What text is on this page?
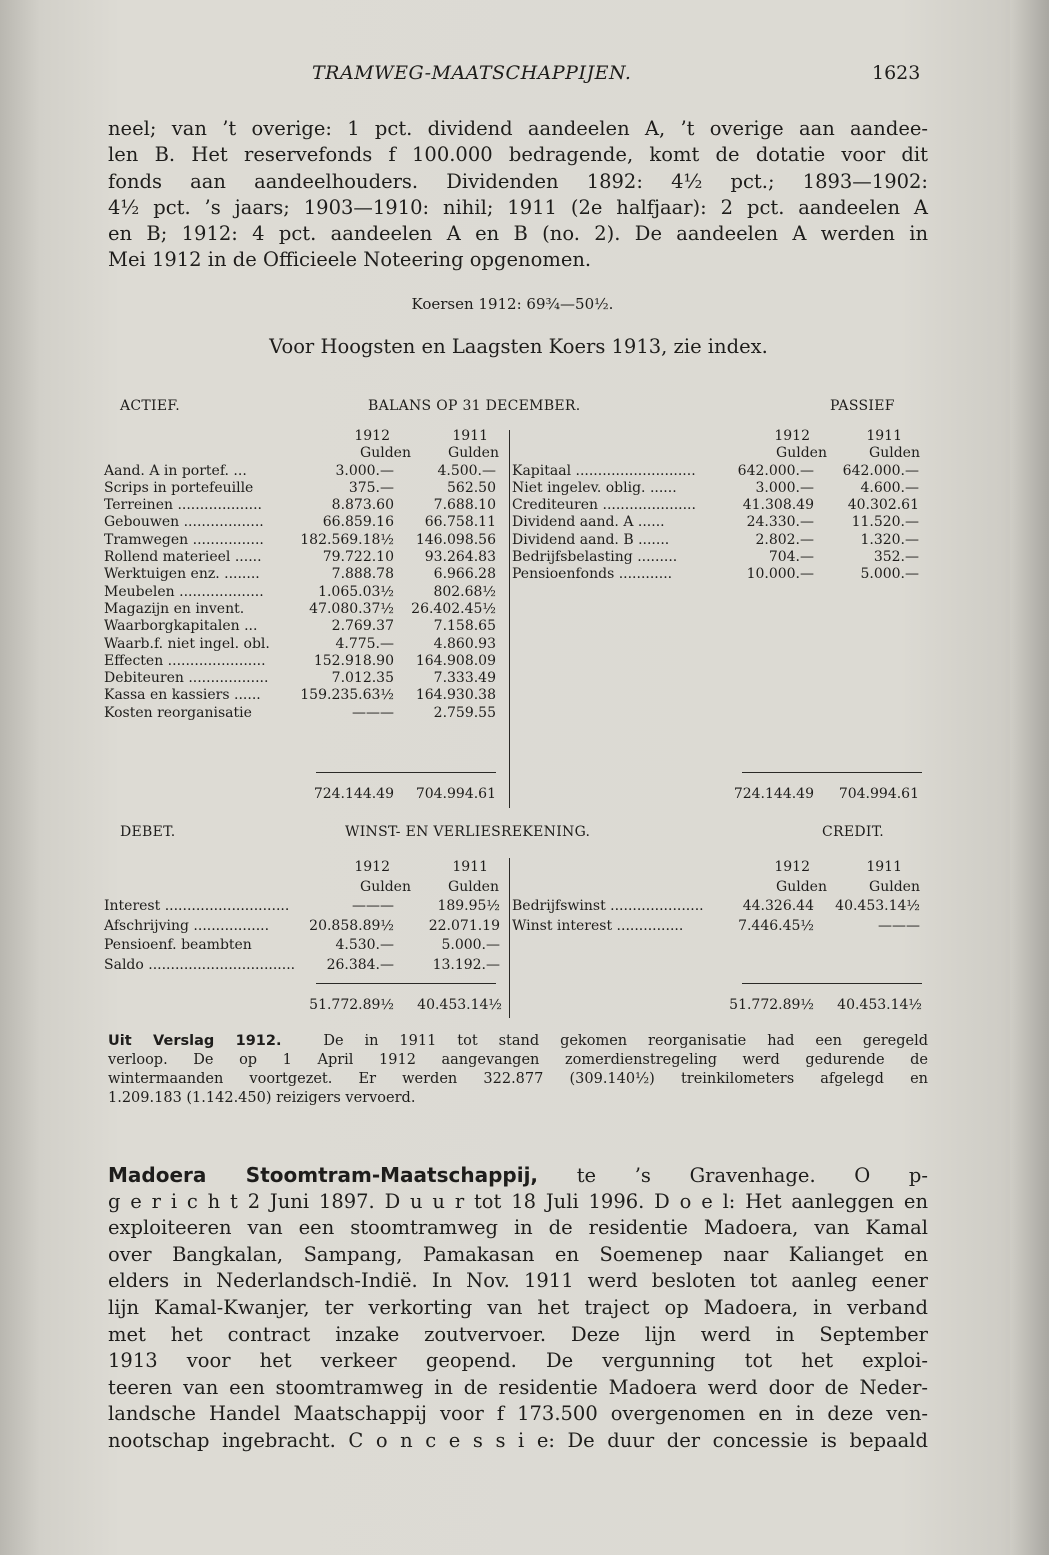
TRAMWEG-MAATSCHAPPIJEN.	1623
neel; van ’t overige: 1 pct. dividend aandeelen A, ’t overige aan aandee-
len B. Het reservefonds f 100.000 bedragende, komt de dotatie voor dit
fonds aan aandeelhouders. Dividenden 1892: 4½ pct.; 1893—1902:
4½ pct. ’s jaars; 1903—1910: nihil; 1911 (2e halfjaar): 2 pct. aandeelen A
en B; 1912: 4 pct. aandeelen A en B (no. 2). De aandeelen A werden in
Mei 1912 in de Officieele Noteering opgenomen.
Koersen 1912: 69¾—50½.
Voor Hoogsten en Laagsten Koers 1913, zie index.
ACTIEF.	BALANS OP 31 DECEMBER.	PASSIEF
1912	1911
Gulden	Gulden
Aand. A in portef. ...	3.000.—	4.500.—
Scrips in portefeuille	375.—	562.50
Terreinen ...................	8.873.60	7.688.10
Gebouwen ..................	66.859.16 66.758.11
Tramwegen ................	182.569.18½ 146.098.56
Rollend materieel ......	79.722.10 93.264.83
Werktuigen enz. ........	7.888.78	6.966.28
Meubelen ...................	1.065.03½	802.68½
Magazijn en invent.	47.080.37½ 26.402.45½
Waarborgkapitalen ...	2.769.37	7.158.65
Waarb.f. niet ingel. obl.	4.775.—	4.860.93
Effecten ......................	152.918.90 164.908.09
Debiteuren ..................	7.012.35	7.333.49
Kassa en kassiers ......	159.235.63½ 164.930.38
Kosten reorganisatie	———	2.759.55
1912	1911
Gulden	Gulden
Kapitaal ...........................	642.000.— 642.000.—
Niet ingelev. oblig. ......	3.000.—	4.600.—
Crediteuren .....................	41.308.49 40.302.61
Dividend aand. A ......	24.330.—	11.520.—
Dividend aand. B .......	2.802.—	1.320.—
Bedrijfsbelasting .........	704.—	352.—
Pensioenfonds ............	10.000.—	5.000.—
724.144.49 704.994.61	724.144.49 704.994.61
DEBET.	WINST- EN VERLIESREKENING.	CREDIT.
1912	1911
Gulden	Gulden
Interest ............................	———	189.95½
Afschrijving .................	20.858.89½ 22.071.19
Pensioenf. beambten	4.530.—	5.000.—
Saldo ................................. 26.384.—	13.192.—
1912	1911
Gulden	Gulden
Bedrijfswinst .....................	44.326.44 40.453.14½
Winst interest ...............	7.446.45½	———
51.772.89½ 40.453.14½	51.772.89½ 40.453.14½
Uit Verslag 1912.	De in 1911 tot stand gekomen reorganisatie had een geregeld
verloop. De op 1 April 1912 aangevangen zomerdienstregeling werd gedurende de
wintermaanden voortgezet. Er werden 322.877 (309.140½) treinkilometers afgelegd en
1.209.183 (1.142.450) reizigers vervoerd.
Madoera Stoomtram-Maatschappij, te ’s Gravenhage. O p-
g e r i c h t 2 Juni 1897. D u u r tot 18 Juli 1996. D o e l: Het aanleggen en
exploiteeren van een stoomtramweg in de residentie Madoera, van Kamal
over Bangkalan, Sampang, Pamakasan en Soemenep naar Kalianget en
elders in Nederlandsch-Indië. In Nov. 1911 werd besloten tot aanleg eener
lijn Kamal-Kwanjer, ter verkorting van het traject op Madoera, in verband
met het contract inzake zoutvervoer. Deze lijn werd in September
1913 voor het verkeer geopend. De vergunning tot het exploi-
teeren van een stoomtramweg in de residentie Madoera werd door de Neder-
landsche Handel Maatschappij voor f 173.500 overgenomen en in deze ven-
nootschap ingebracht. C o n c e s s i e: De duur der concessie is bepaald
